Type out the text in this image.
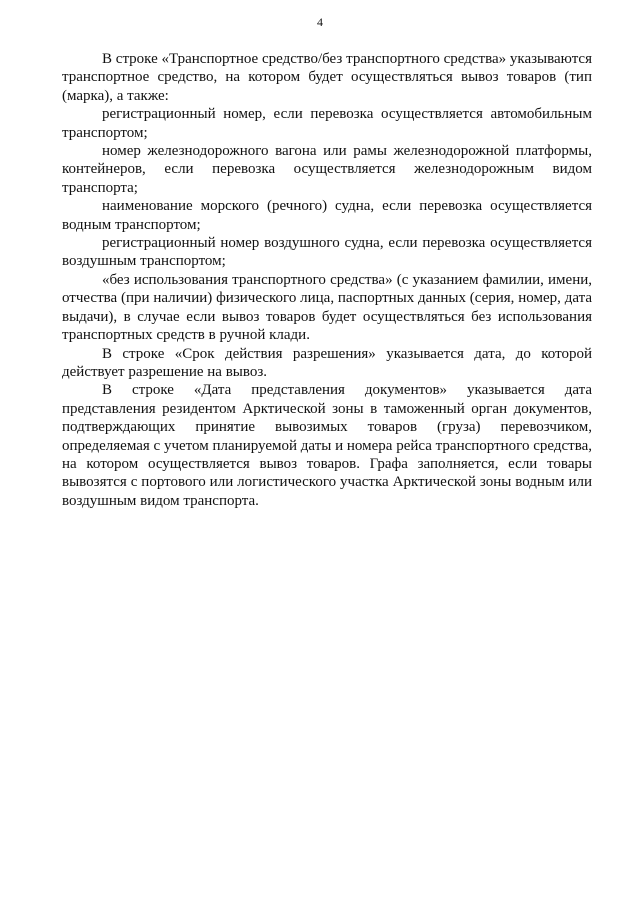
4

В строке «Транспортное средство/без транспортного средства» указываются транспортное средство, на котором будет осуществляться вывоз товаров (тип (марка), а также:

регистрационный номер, если перевозка осуществляется автомобильным транспортом;

номер железнодорожного вагона или рамы железнодорожной платформы, контейнеров, если перевозка осуществляется железнодорожным видом транспорта;

наименование морского (речного) судна, если перевозка осуществляется водным транспортом;

регистрационный номер воздушного судна, если перевозка осуществляется воздушным транспортом;

«без использования транспортного средства» (с указанием фамилии, имени, отчества (при наличии) физического лица, паспортных данных (серия, номер, дата выдачи), в случае если вывоз товаров будет осуществляться без использования транспортных средств в ручной клади.

В строке «Срок действия разрешения» указывается дата, до которой действует разрешение на вывоз.

В строке «Дата представления документов» указывается дата представления резидентом Арктической зоны в таможенный орган документов, подтверждающих принятие вывозимых товаров (груза) перевозчиком, определяемая с учетом планируемой даты и номера рейса транспортного средства, на котором осуществляется вывоз товаров. Графа заполняется, если товары вывозятся с портового или логистического участка Арктической зоны водным или воздушным видом транспорта.
